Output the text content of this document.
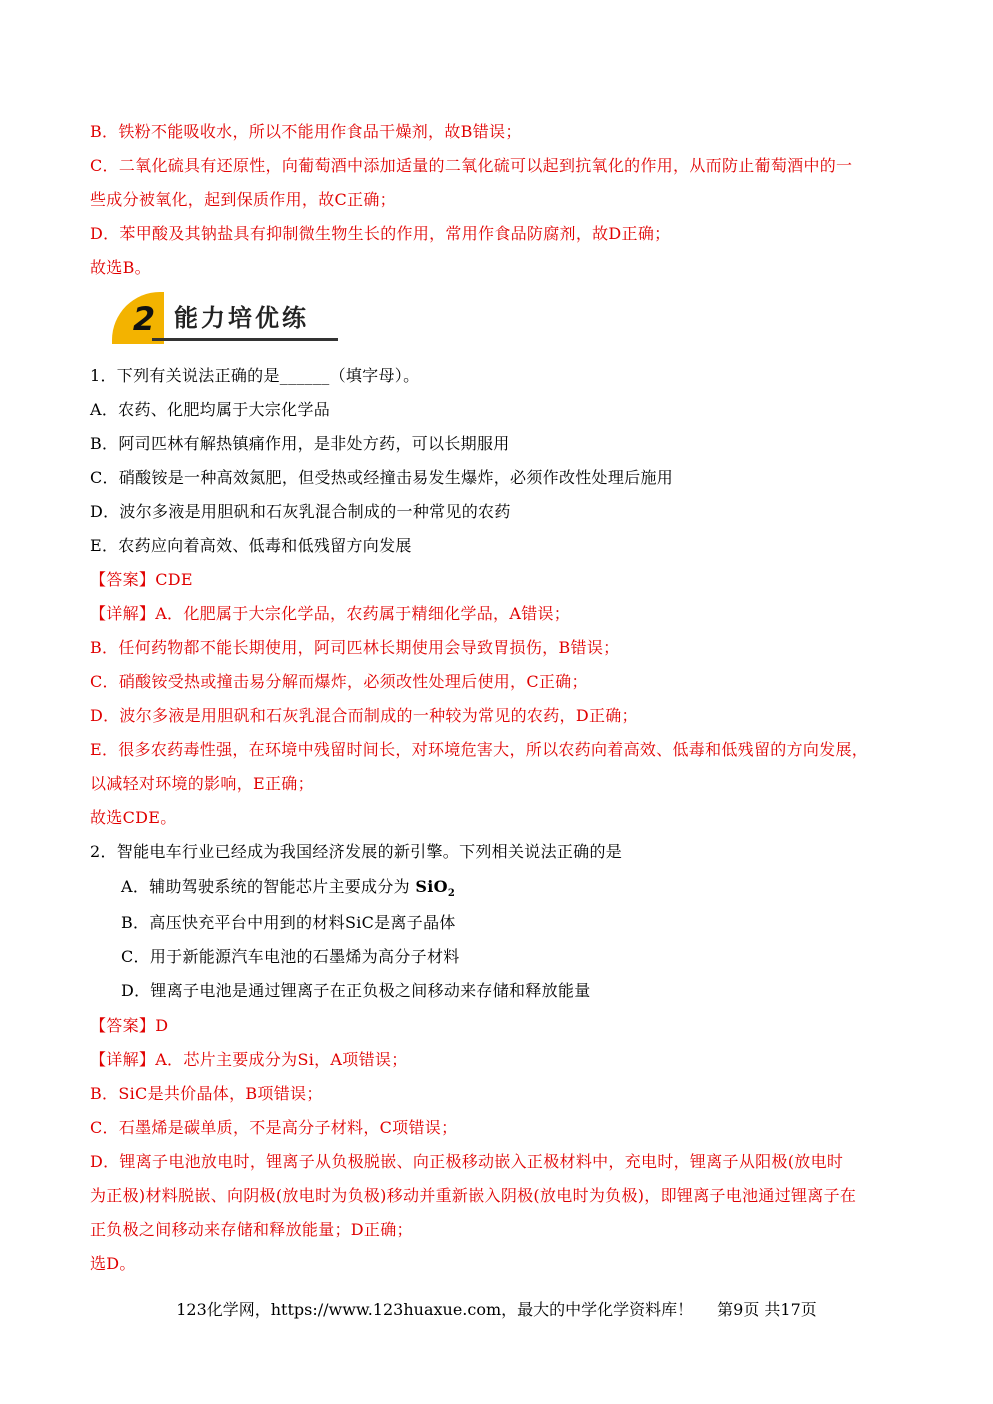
B．铁粉不能吸收水，所以不能用作食品干燥剂，故B错误；
C．二氧化硫具有还原性，向葡萄酒中添加适量的二氧化硫可以起到抗氧化的作用，从而防止葡萄酒中的一
些成分被氧化，起到保质作用，故C正确；
D．苯甲酸及其钠盐具有抑制微生物生长的作用，常用作食品防腐剂，故D正确；
故选B。
2 能力培优练
1．下列有关说法正确的是______（填字母）。
A．农药、化肥均属于大宗化学品
B．阿司匹林有解热镇痛作用，是非处方药，可以长期服用
C．硝酸铵是一种高效氮肥，但受热或经撞击易发生爆炸，必须作改性处理后施用
D．波尔多液是用胆矾和石灰乳混合制成的一种常见的农药
E．农药应向着高效、低毒和低残留方向发展
【答案】CDE
【详解】A．化肥属于大宗化学品，农药属于精细化学品，A错误；
B．任何药物都不能长期使用，阿司匹林长期使用会导致胃损伤，B错误；
C．硝酸铵受热或撞击易分解而爆炸，必须改性处理后使用，C正确；
D．波尔多液是用胆矾和石灰乳混合而制成的一种较为常见的农药，D正确；
E．很多农药毒性强，在环境中残留时间长，对环境危害大，所以农药向着高效、低毒和低残留的方向发展，
以减轻对环境的影响，E正确；
故选CDE。
2．智能电车行业已经成为我国经济发展的新引擎。下列相关说法正确的是
A．辅助驾驶系统的智能芯片主要成分为 SiO$_2$
B．高压快充平台中用到的材料SiC是离子晶体
C．用于新能源汽车电池的石墨烯为高分子材料
D．锂离子电池是通过锂离子在正负极之间移动来存储和释放能量
【答案】D
【详解】A．芯片主要成分为Si，A项错误；
B．SiC是共价晶体，B项错误；
C．石墨烯是碳单质，不是高分子材料，C项错误；
D．锂离子电池放电时，锂离子从负极脱嵌、向正极移动嵌入正极材料中，充电时，锂离子从阳极(放电时
为正极)材料脱嵌、向阴极(放电时为负极)移动并重新嵌入阴极(放电时为负极)，即锂离子电池通过锂离子在
正负极之间移动来存储和释放能量；D正确；
选D。
123化学网，https://www.123huaxue.com，最大的中学化学资料库！ 第9页 共17页
